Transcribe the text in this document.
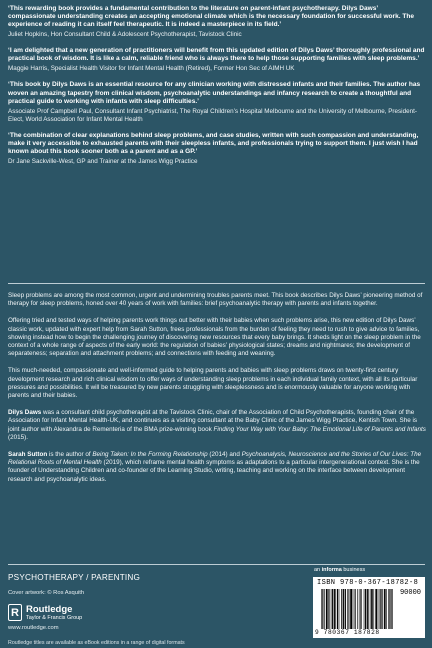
‘This rewarding book provides a fundamental contribution to the literature on parent-infant psychotherapy. Dilys Daws’ compassionate understanding creates an accepting emotional climate which is the necessary foundation for successful work. The experience of reading it can itself feel therapeutic. It is indeed a masterpiece in its field.’

Juliet Hopkins, Hon Consultant Child & Adolescent Psychotherapist, Tavistock Clinic

‘I am delighted that a new generation of practitioners will benefit from this updated edition of Dilys Daws’ thoroughly professional and practical book of wisdom. It is like a calm, reliable friend who is always there to help those supporting families with sleep problems.’

Maggie Harris, Specialist Health Visitor for Infant Mental Health (Retired), Former Hon Sec of AIMH UK

‘This book by Dilys Daws is an essential resource for any clinician working with distressed infants and their families. The author has woven an amazing tapestry from clinical wisdom, psychoanalytic understandings and infancy research to create a thoughtful and practical guide to working with infants with sleep difficulties.’

Associate Prof Campbell Paul, Consultant Infant Psychiatrist, The Royal Children’s Hospital Melbourne and the University of Melbourne, President-Elect, World Association for Infant Mental Health

‘The combination of clear explanations behind sleep problems, and case studies, written with such compassion and understanding, make it very accessible to exhausted parents with their sleepless infants, and professionals trying to support them. I just wish I had known about this book sooner both as a parent and as a GP.’

Dr Jane Sackville-West, GP and Trainer at the James Wigg Practice

Sleep problems are among the most common, urgent and undermining troubles parents meet. This book describes Dilys Daws’ pioneering method of therapy for sleep problems, honed over 40 years of work with families: brief psychoanalytic therapy with parents and infants together.

Offering tried and tested ways of helping parents work things out better with their babies when such problems arise, this new edition of Dilys Daws’ classic work, updated with expert help from Sarah Sutton, frees professionals from the burden of feeling they need to rush to give advice to families, showing instead how to begin the challenging journey of discovering new resources that every baby brings. It sheds light on the sleep problem in the context of a whole range of aspects of the early world: the regulation of babies’ physiological states; dreams and nightmares; the development of separateness; separation and attachment problems; and connections with feeding and weaning.

This much-needed, compassionate and well-informed guide to helping parents and babies with sleep problems draws on twenty-first century development research and rich clinical wisdom to offer ways of understanding sleep problems in each individual family context, with all its particular pressures and possibilities. It will be treasured by new parents struggling with sleeplessness and is enormously valuable for anyone working with parents and their babies.

Dilys Daws was a consultant child psychotherapist at the Tavistock Clinic, chair of the Association of Child Psychotherapists, founding chair of the Association for Infant Mental Health-UK, and continues as a visiting consultant at the Baby Clinic of the James Wigg Practice, Kentish Town. She is joint author with Alexandra de Rementeria of the BMA prize-winning book Finding Your Way with Your Baby: The Emotional Life of Parents and Infants (2015).

Sarah Sutton is the author of Being Taken: In the Forming Relationship (2014) and Psychoanalysis, Neuroscience and the Stories of Our Lives: The Relational Roots of Mental Health (2019), which reframe mental health symptoms as adaptations to a particular intergenerational context. She is the founder of Understanding Children and co-founder of the Learning Studio, writing, teaching and working on the interface between development research and psychoanalytic ideas.

PSYCHOTHERAPY / PARENTING
Cover artwork: © Ros Asquith
R Routledge
Taylor & Francis Group
www.routledge.com
an informa business
ISBN 978-0-367-18782-8
90000
9 780367 187828
Routledge titles are available as eBook editions in a range of digital formats
